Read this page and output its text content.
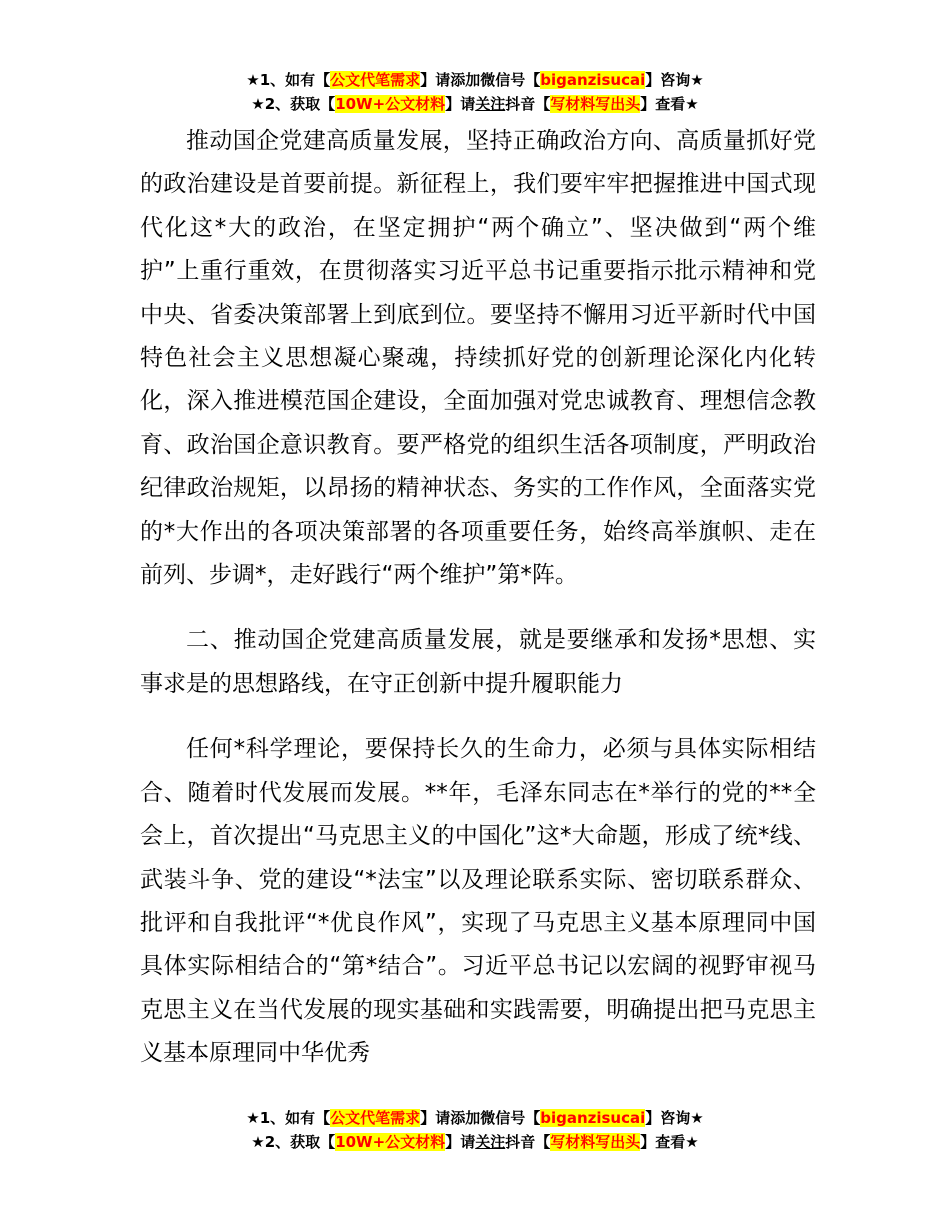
★1、如有【公文代笔需求】请添加微信号【biganzisucai】咨询★
★2、获取【10W+公文材料】请关注抖音【写材料写出头】查看★

推动国企党建高质量发展，坚持正确政治方向、高质量抓好党的政治建设是首要前提。新征程上，我们要牢牢把握推进中国式现代化这*大的政治，在坚定拥护“两个确立”、坚决做到“两个维护”上重行重效，在贯彻落实习近平总书记重要指示批示精神和党中央、省委决策部署上到底到位。要坚持不懈用习近平新时代中国特色社会主义思想凝心聚魂，持续抓好党的创新理论深化内化转化，深入推进模范国企建设，全面加强对党忠诚教育、理想信念教育、政治国企意识教育。要严格党的组织生活各项制度，严明政治纪律政治规矩，以昂扬的精神状态、务实的工作作风，全面落实党的*大作出的各项决策部署的各项重要任务，始终高举旗帜、走在前列、步调*，走好践行“两个维护”第*阵。

二、推动国企党建高质量发展，就是要继承和发扬*思想、实事求是的思想路线，在守正创新中提升履职能力

任何*科学理论，要保持长久的生命力，必须与具体实际相结合、随着时代发展而发展。**年，毛泽东同志在*举行的党的**全会上，首次提出“马克思主义的中国化”这*大命题，形成了统*线、武装斗争、党的建设“*法宝”以及理论联系实际、密切联系群众、批评和自我批评“*优良作风”，实现了马克思主义基本原理同中国具体实际相结合的“第*结合”。习近平总书记以宏阔的视野审视马克思主义在当代发展的现实基础和实践需要，明确提出把马克思主义基本原理同中华优秀

★1、如有【公文代笔需求】请添加微信号【biganzisucai】咨询★
★2、获取【10W+公文材料】请关注抖音【写材料写出头】查看★
